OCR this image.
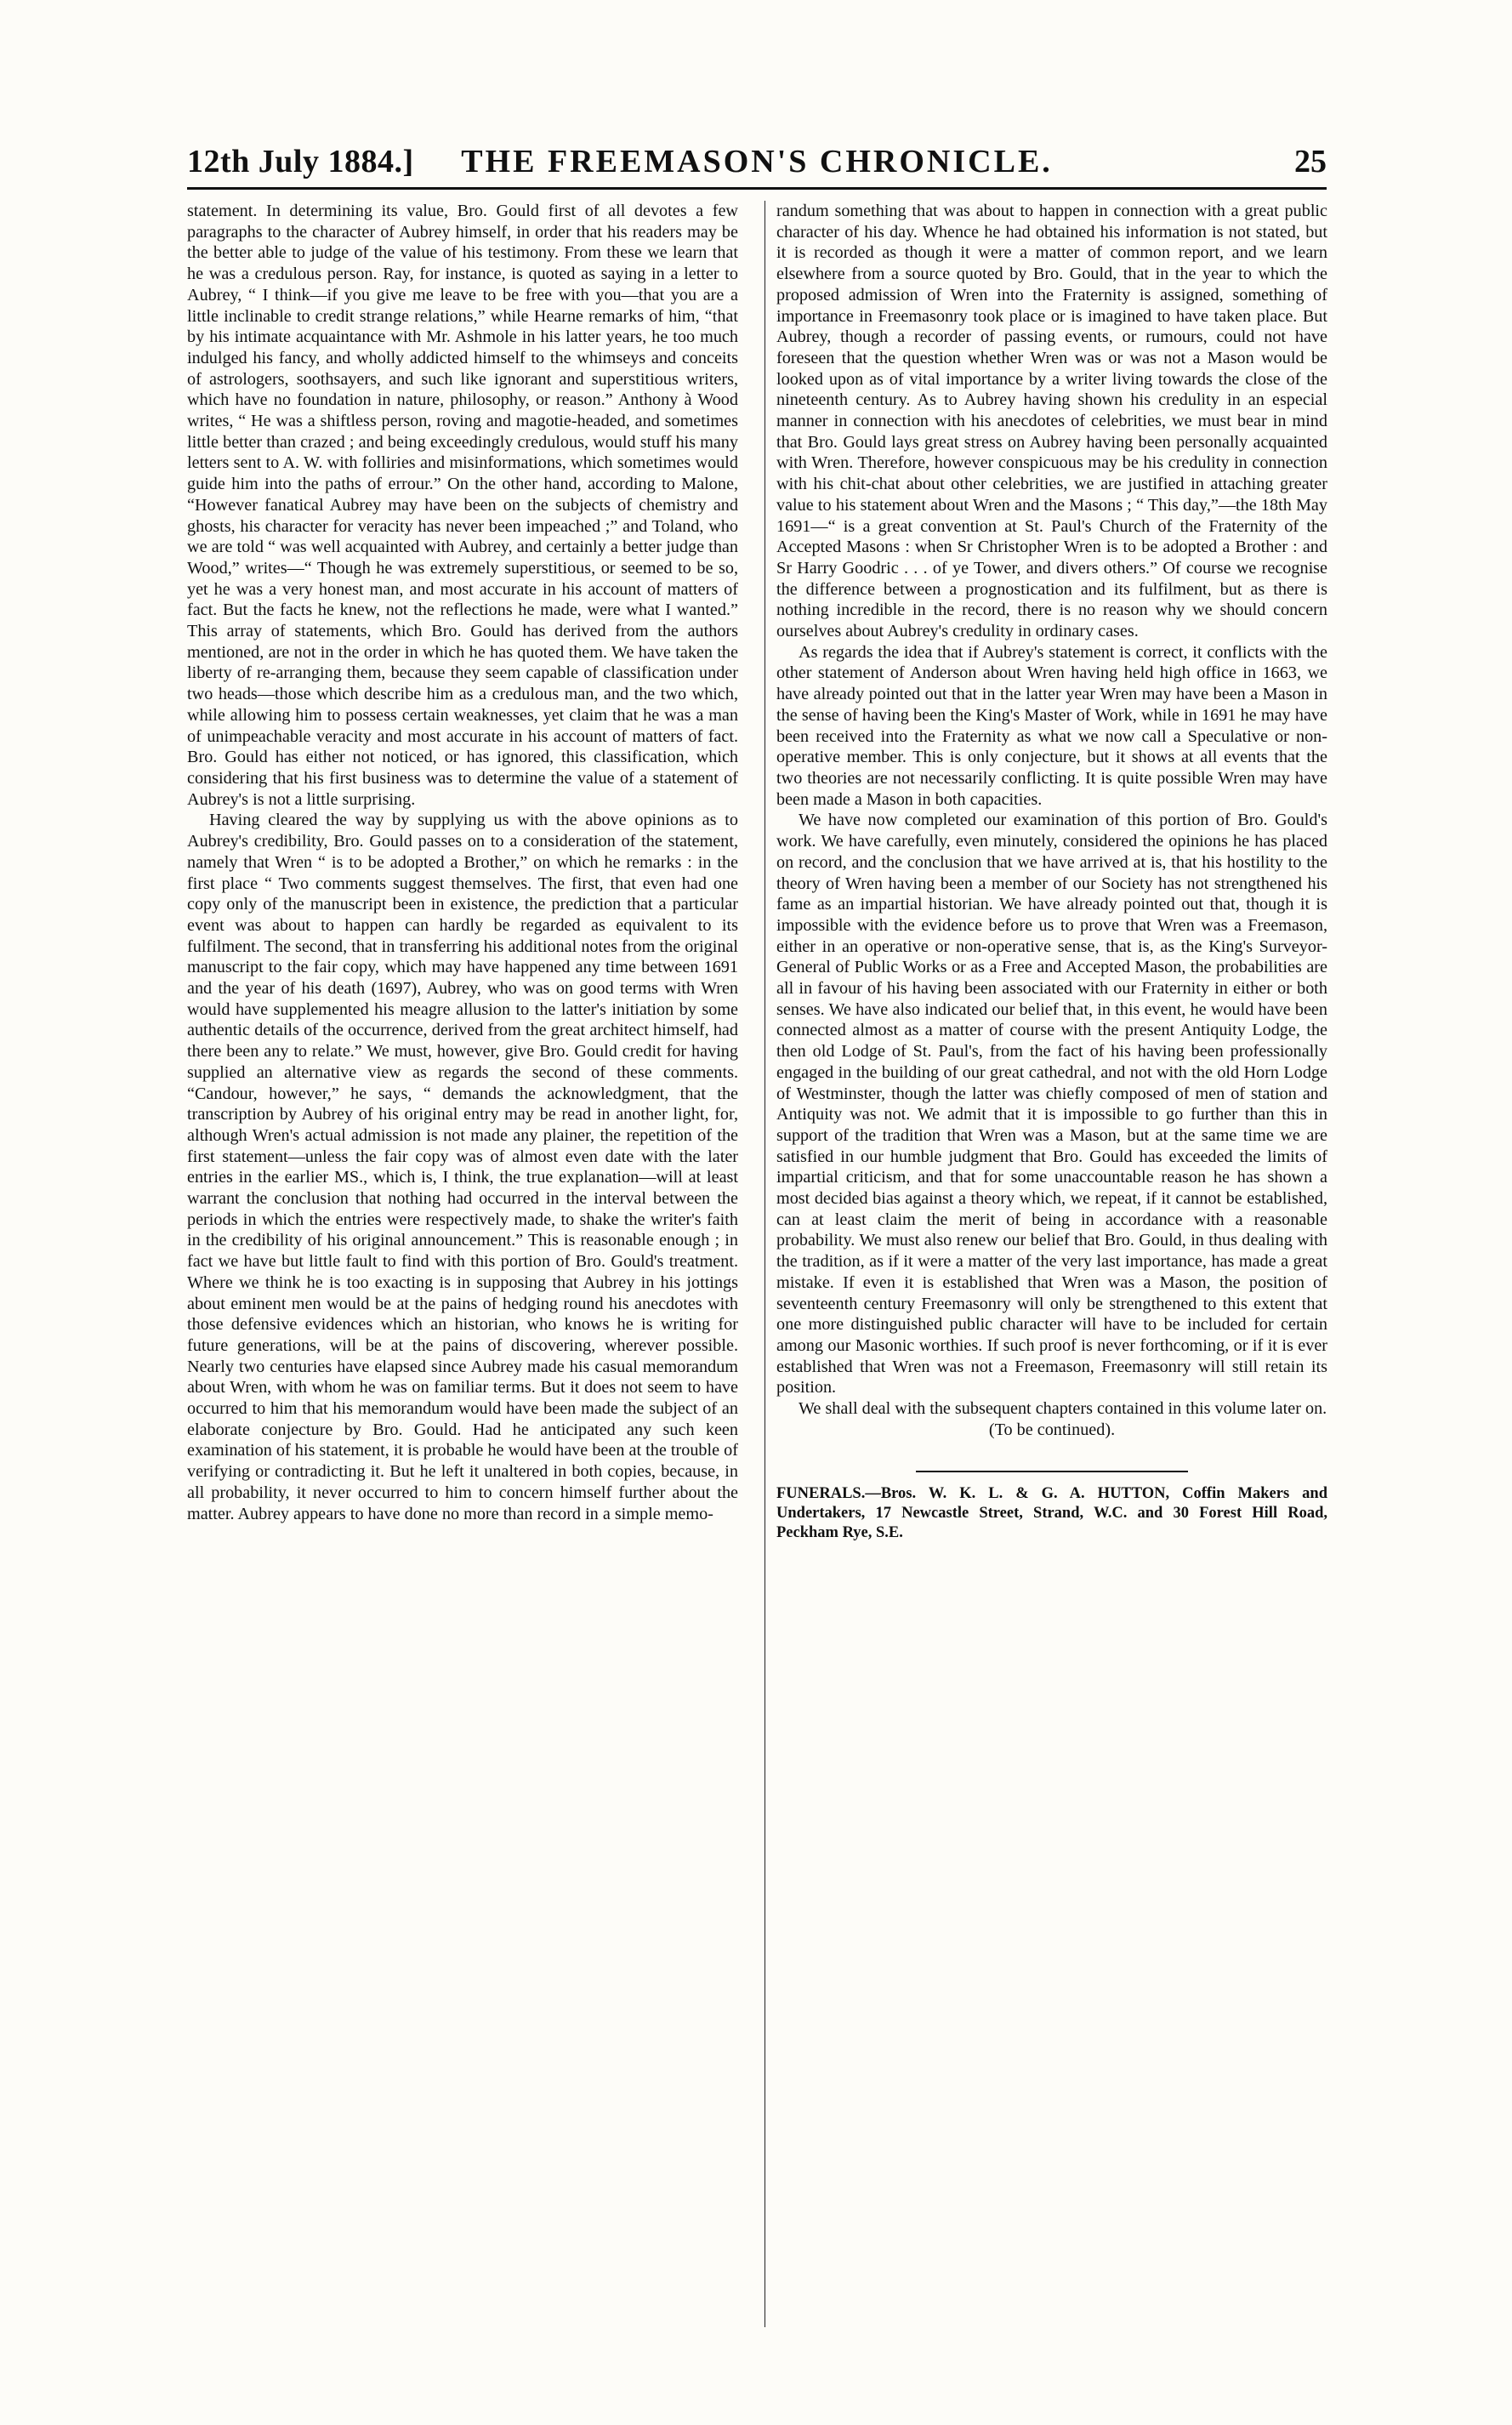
12th July 1884.]	THE FREEMASON'S CHRONICLE.	25

statement. In determining its value, Bro. Gould first of all devotes a few paragraphs to the character of Aubrey himself, in order that his readers may be the better able to judge of the value of his testimony. From these we learn that he was a credulous person. Ray, for instance, is quoted as saying in a letter to Aubrey, “ I think—if you give me leave to be free with you—that you are a little inclinable to credit strange relations,” while Hearne remarks of him, “that by his intimate acquaintance with Mr. Ashmole in his latter years, he too much indulged his fancy, and wholly addicted himself to the whimseys and conceits of astrologers, soothsayers, and such like ignorant and superstitious writers, which have no foundation in nature, philosophy, or reason.” Anthony à Wood writes, “ He was a shiftless person, roving and magotie-headed, and sometimes little better than crazed ; and being exceedingly credulous, would stuff his many letters sent to A. W. with folliries and misinformations, which sometimes would guide him into the paths of errour.” On the other hand, according to Malone, “However fanatical Aubrey may have been on the subjects of chemistry and ghosts, his character for veracity has never been impeached ;” and Toland, who we are told “ was well acquainted with Aubrey, and certainly a better judge than Wood,” writes—“ Though he was extremely superstitious, or seemed to be so, yet he was a very honest man, and most accurate in his account of matters of fact. But the facts he knew, not the reflections he made, were what I wanted.” This array of statements, which Bro. Gould has derived from the authors mentioned, are not in the order in which he has quoted them. We have taken the liberty of re-arranging them, because they seem capable of classification under two heads—those which describe him as a credulous man, and the two which, while allowing him to possess certain weaknesses, yet claim that he was a man of unimpeachable veracity and most accurate in his account of matters of fact. Bro. Gould has either not noticed, or has ignored, this classification, which considering that his first business was to determine the value of a statement of Aubrey's is not a little surprising.

Having cleared the way by supplying us with the above opinions as to Aubrey's credibility, Bro. Gould passes on to a consideration of the statement, namely that Wren “ is to be adopted a Brother,” on which he remarks : in the first place “ Two comments suggest themselves. The first, that even had one copy only of the manuscript been in existence, the prediction that a particular event was about to happen can hardly be regarded as equivalent to its fulfilment. The second, that in transferring his additional notes from the original manuscript to the fair copy, which may have happened any time between 1691 and the year of his death (1697), Aubrey, who was on good terms with Wren would have supplemented his meagre allusion to the latter's initiation by some authentic details of the occurrence, derived from the great architect himself, had there been any to relate.” We must, however, give Bro. Gould credit for having supplied an alternative view as regards the second of these comments. “Candour, however,” he says, “ demands the acknowledgment, that the transcription by Aubrey of his original entry may be read in another light, for, although Wren's actual admission is not made any plainer, the repetition of the first statement—unless the fair copy was of almost even date with the later entries in the earlier MS., which is, I think, the true explanation—will at least warrant the conclusion that nothing had occurred in the interval between the periods in which the entries were respectively made, to shake the writer's faith in the credibility of his original announcement.” This is reasonable enough ; in fact we have but little fault to find with this portion of Bro. Gould's treatment. Where we think he is too exacting is in supposing that Aubrey in his jottings about eminent men would be at the pains of hedging round his anecdotes with those defensive evidences which an historian, who knows he is writing for future generations, will be at the pains of discovering, wherever possible. Nearly two centuries have elapsed since Aubrey made his casual memorandum about Wren, with whom he was on familiar terms. But it does not seem to have occurred to him that his memorandum would have been made the subject of an elaborate conjecture by Bro. Gould. Had he anticipated any such keen examination of his statement, it is probable he would have been at the trouble of verifying or contradicting it. But he left it unaltered in both copies, because, in all probability, it never occurred to him to concern himself further about the matter. Aubrey appears to have done no more than record in a simple memo-

randum something that was about to happen in connection with a great public character of his day. Whence he had obtained his information is not stated, but it is recorded as though it were a matter of common report, and we learn elsewhere from a source quoted by Bro. Gould, that in the year to which the proposed admission of Wren into the Fraternity is assigned, something of importance in Freemasonry took place or is imagined to have taken place. But Aubrey, though a recorder of passing events, or rumours, could not have foreseen that the question whether Wren was or was not a Mason would be looked upon as of vital importance by a writer living towards the close of the nineteenth century. As to Aubrey having shown his credulity in an especial manner in connection with his anecdotes of celebrities, we must bear in mind that Bro. Gould lays great stress on Aubrey having been personally acquainted with Wren. Therefore, however conspicuous may be his credulity in connection with his chit-chat about other celebrities, we are justified in attaching greater value to his statement about Wren and the Masons ; “ This day,”—the 18th May 1691—“ is a great convention at St. Paul's Church of the Fraternity of the Accepted Masons : when Sr Christopher Wren is to be adopted a Brother : and Sr Harry Goodric . . . of ye Tower, and divers others.” Of course we recognise the difference between a prognostication and its fulfilment, but as there is nothing incredible in the record, there is no reason why we should concern ourselves about Aubrey's credulity in ordinary cases.

As regards the idea that if Aubrey's statement is correct, it conflicts with the other statement of Anderson about Wren having held high office in 1663, we have already pointed out that in the latter year Wren may have been a Mason in the sense of having been the King's Master of Work, while in 1691 he may have been received into the Fraternity as what we now call a Speculative or non-operative member. This is only conjecture, but it shows at all events that the two theories are not necessarily conflicting. It is quite possible Wren may have been made a Mason in both capacities.

We have now completed our examination of this portion of Bro. Gould's work. We have carefully, even minutely, considered the opinions he has placed on record, and the conclusion that we have arrived at is, that his hostility to the theory of Wren having been a member of our Society has not strengthened his fame as an impartial historian. We have already pointed out that, though it is impossible with the evidence before us to prove that Wren was a Freemason, either in an operative or non-operative sense, that is, as the King's Surveyor-General of Public Works or as a Free and Accepted Mason, the probabilities are all in favour of his having been associated with our Fraternity in either or both senses. We have also indicated our belief that, in this event, he would have been connected almost as a matter of course with the present Antiquity Lodge, the then old Lodge of St. Paul's, from the fact of his having been professionally engaged in the building of our great cathedral, and not with the old Horn Lodge of Westminster, though the latter was chiefly composed of men of station and Antiquity was not. We admit that it is impossible to go further than this in support of the tradition that Wren was a Mason, but at the same time we are satisfied in our humble judgment that Bro. Gould has exceeded the limits of impartial criticism, and that for some unaccountable reason he has shown a most decided bias against a theory which, we repeat, if it cannot be established, can at least claim the merit of being in accordance with a reasonable probability. We must also renew our belief that Bro. Gould, in thus dealing with the tradition, as if it were a matter of the very last importance, has made a great mistake. If even it is established that Wren was a Mason, the position of seventeenth century Freemasonry will only be strengthened to this extent that one more distinguished public character will have to be included for certain among our Masonic worthies. If such proof is never forthcoming, or if it is ever established that Wren was not a Freemason, Freemasonry will still retain its position.

We shall deal with the subsequent chapters contained in this volume later on.

(To be continued).

FUNERALS.—Bros. W. K. L. & G. A. HUTTON, Coffin Makers and Undertakers, 17 Newcastle Street, Strand, W.C. and 30 Forest Hill Road, Peckham Rye, S.E.
